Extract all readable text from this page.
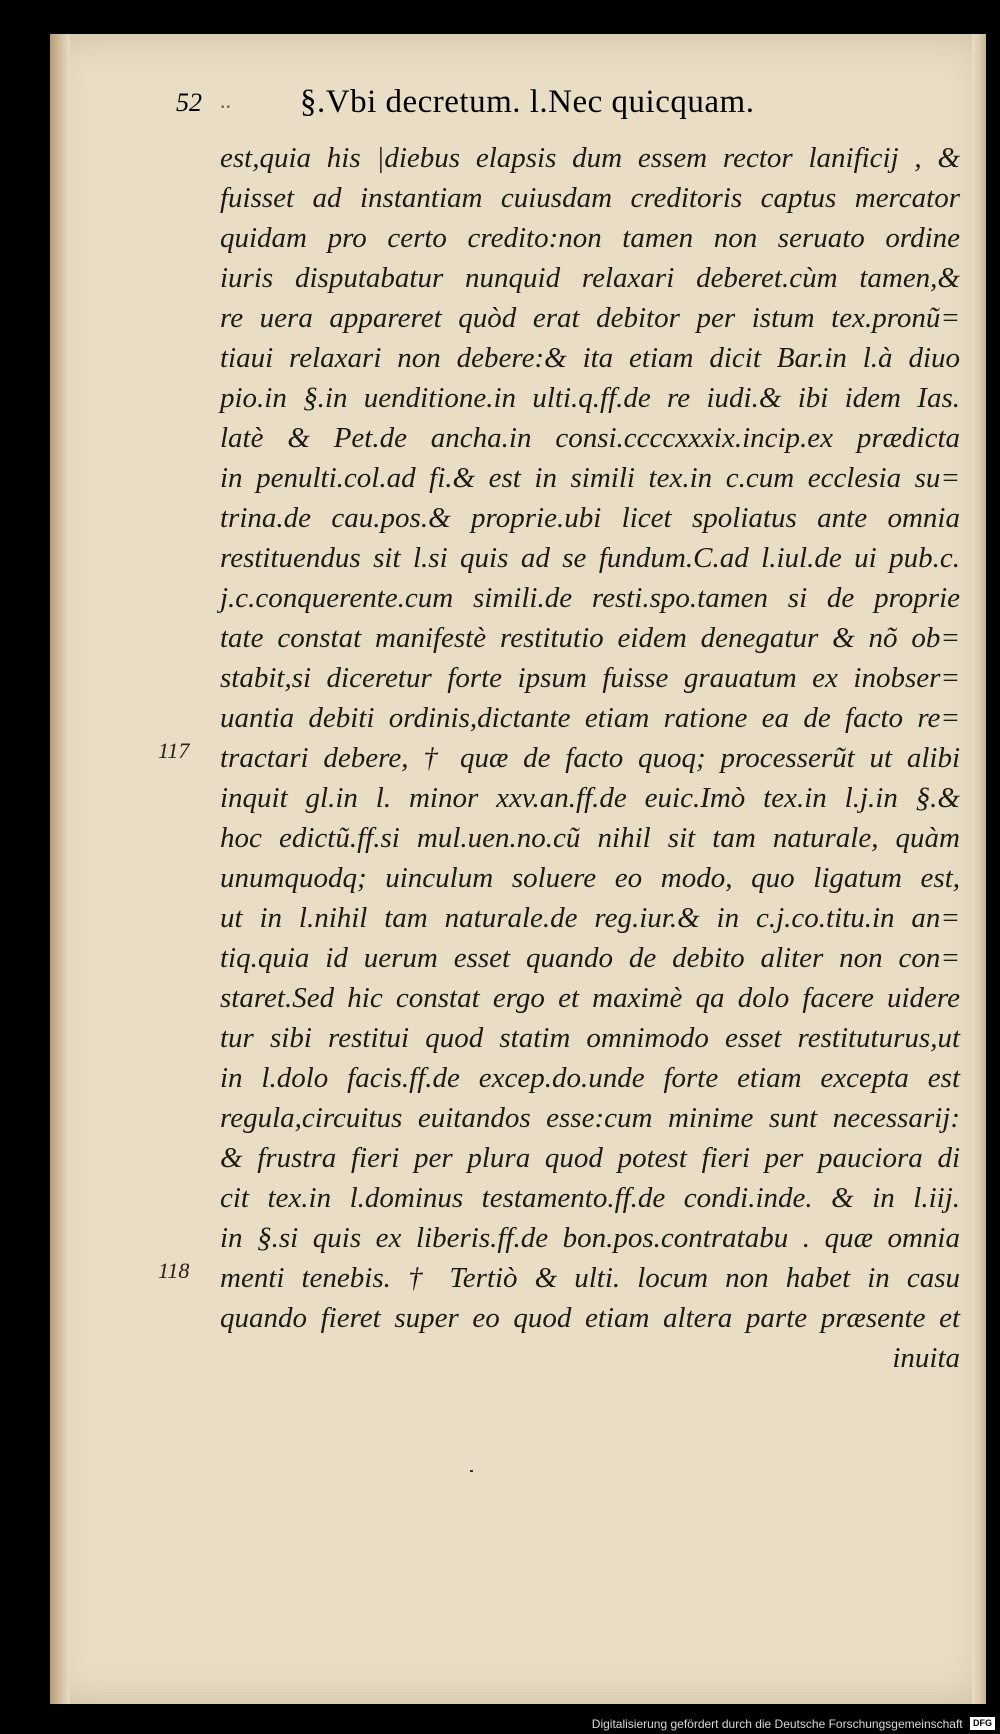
52 .. §.Vbi decretum. l.Nec quicquam.
est,quia his |diebus elapsis dum essem rector lanificij , &
fuisset ad instantiam cuiusdam creditoris captus mercator
quidam pro certo credito:non tamen non seruato ordine
iuris disputabatur nunquid relaxari deberet.cùm tamen,&
re uera appareret quòd erat debitor per istum tex.pronũ=
tiaui relaxari non debere:& ita etiam dicit Bar.in l.à diuo
pio.in §.in uenditione.in ulti.q.ff.de re iudi.& ibi idem Ias.
latè & Pet.de ancha.in consi.ccccxxxix.incip.ex prædicta
in penulti.col.ad fi.& est in simili tex.in c.cum ecclesia su=
trina.de cau.pos.& proprie.ubi licet spoliatus ante omnia
restituendus sit l.si quis ad se fundum.C.ad l.iul.de ui pub.c.
j.c.conquerente.cum simili.de resti.spo.tamen si de proprie
tate constat manifestè restitutio eidem denegatur & nõ ob=
stabit,si diceretur forte ipsum fuisse grauatum ex inobser=
uantia debiti ordinis,dictante etiam ratione ea de facto re=
tractari debere, † quæ de facto quoq; processerũt ut alibi
inquit gl.in l. minor xxv.an.ff.de euic.Imò tex.in l.j.in §.&
hoc edictũ.ff.si mul.uen.no.cũ nihil sit tam naturale, quàm
unumquodq; uinculum soluere eo modo, quo ligatum est,
ut in l.nihil tam naturale.de reg.iur.& in c.j.co.titu.in an=
tiq.quia id uerum esset quando de debito aliter non con=
staret.Sed hic constat ergo et maximè qa dolo facere uidere
tur sibi restitui quod statim omnimodo esset restituturus,ut
in l.dolo facis.ff.de excep.do.unde forte etiam excepta est
regula,circuitus euitandos esse:cum minime sunt necessarij:
& frustra fieri per plura quod potest fieri per pauciora di
cit tex.in l.dominus testamento.ff.de condi.inde. & in l.iij.
in §.si quis ex liberis.ff.de bon.pos.contratabu . quæ omnia
menti tenebis. † Tertiò & ulti. locum non habet in casu
quando fieret super eo quod etiam altera parte præsente et
inuita
Digitalisierung gefördert durch die Deutsche Forschungsgemeinschaft DFG
117
118
